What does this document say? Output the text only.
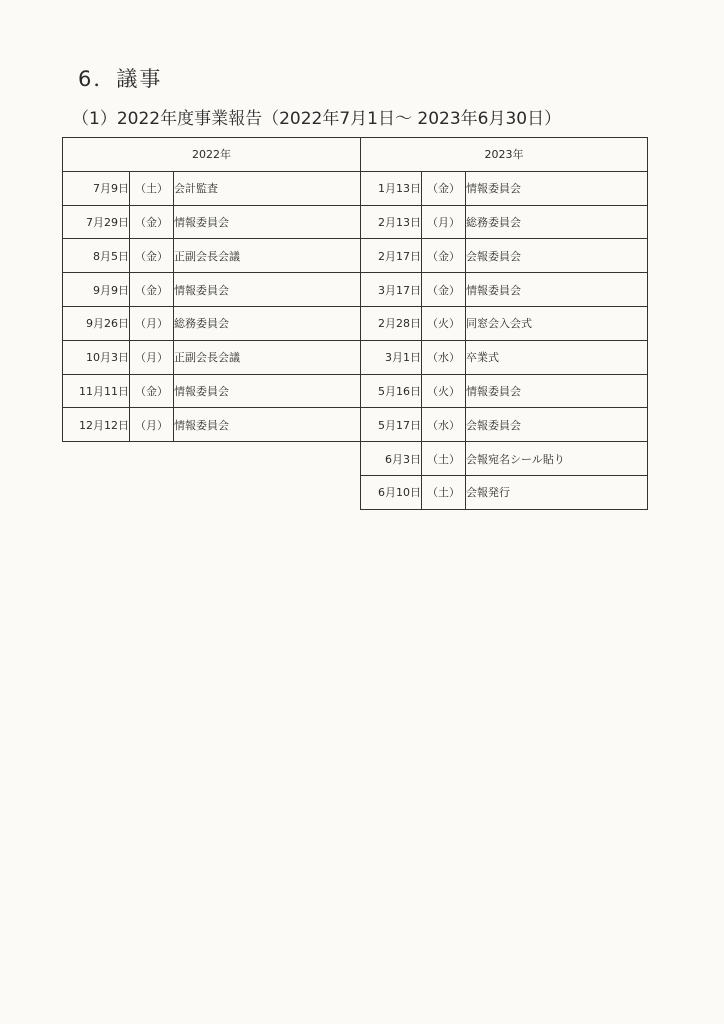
6．議事
（1）2022年度事業報告（2022年7月1日～ 2023年6月30日）
2022年		
7月9日	（土）	会計監査
7月29日	（金）	情報委員会
8月5日	（金）	正副会長会議
9月9日	（金）	情報委員会
9月26日	（月）	総務委員会
10月3日	（月）	正副会長会議
11月11日	（金）	情報委員会
12月12日	（月）	情報委員会
2023年		
1月13日	（金）	情報委員会
2月13日	（月）	総務委員会
2月17日	（金）	会報委員会
3月17日	（金）	情報委員会
2月28日	（火）	同窓会入会式
3月1日	（水）	卒業式
5月16日	（火）	情報委員会
5月17日	（水）	会報委員会
6月3日	（土）	会報宛名シール貼り
6月10日	（土）	会報発行
